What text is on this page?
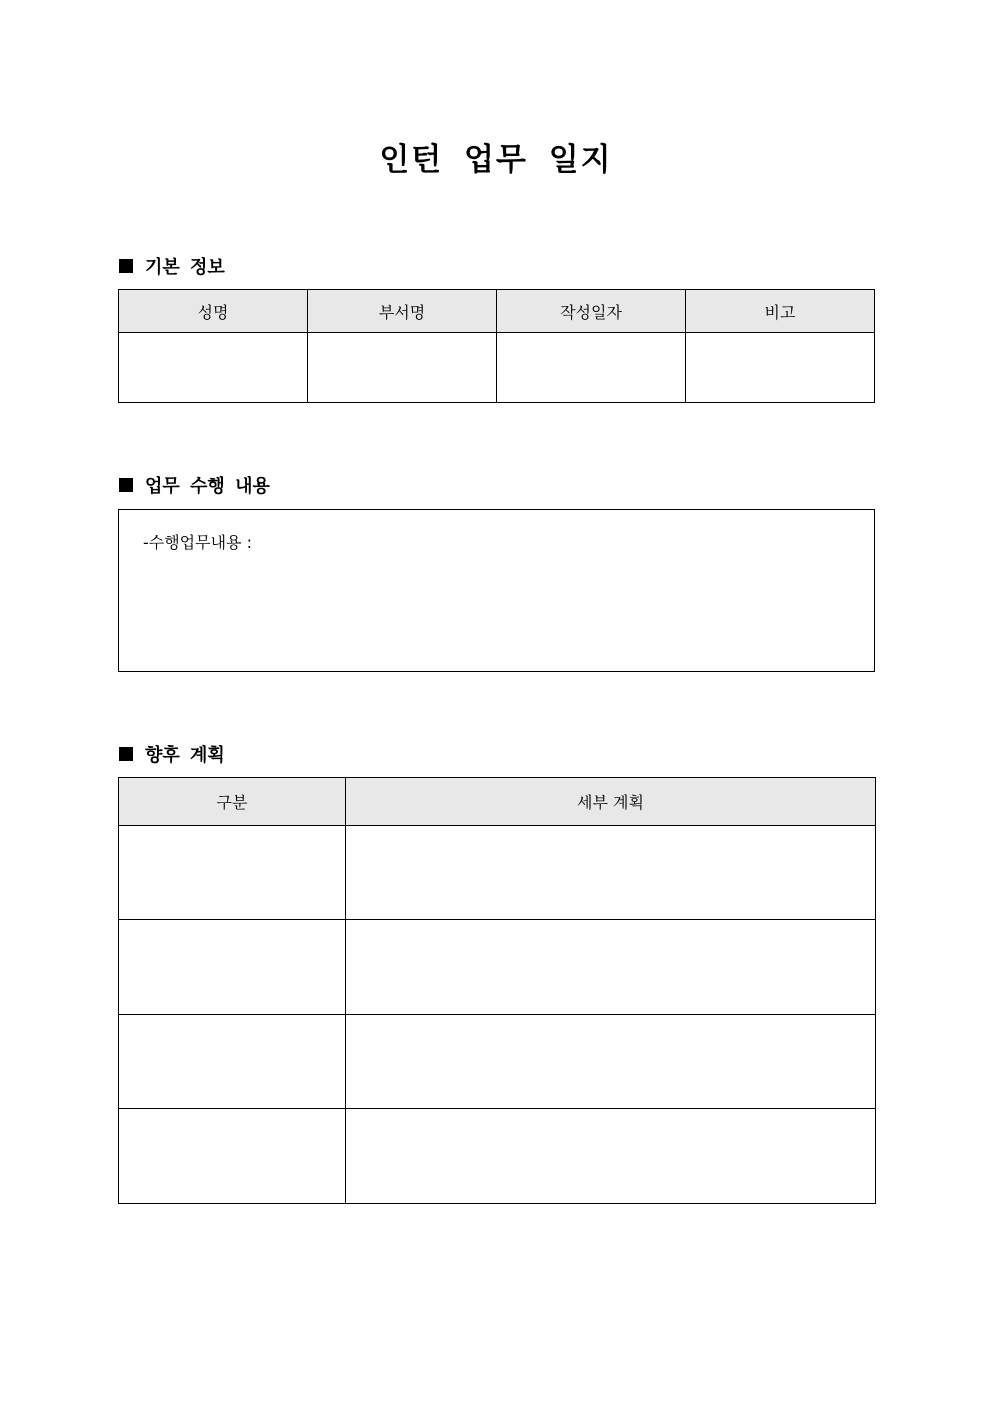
인턴 업무 일지
기본 정보
성명	부서명	작성일자	비고

업무 수행 내용
-수행업무내용 :
향후 계획
구분	세부 계획
